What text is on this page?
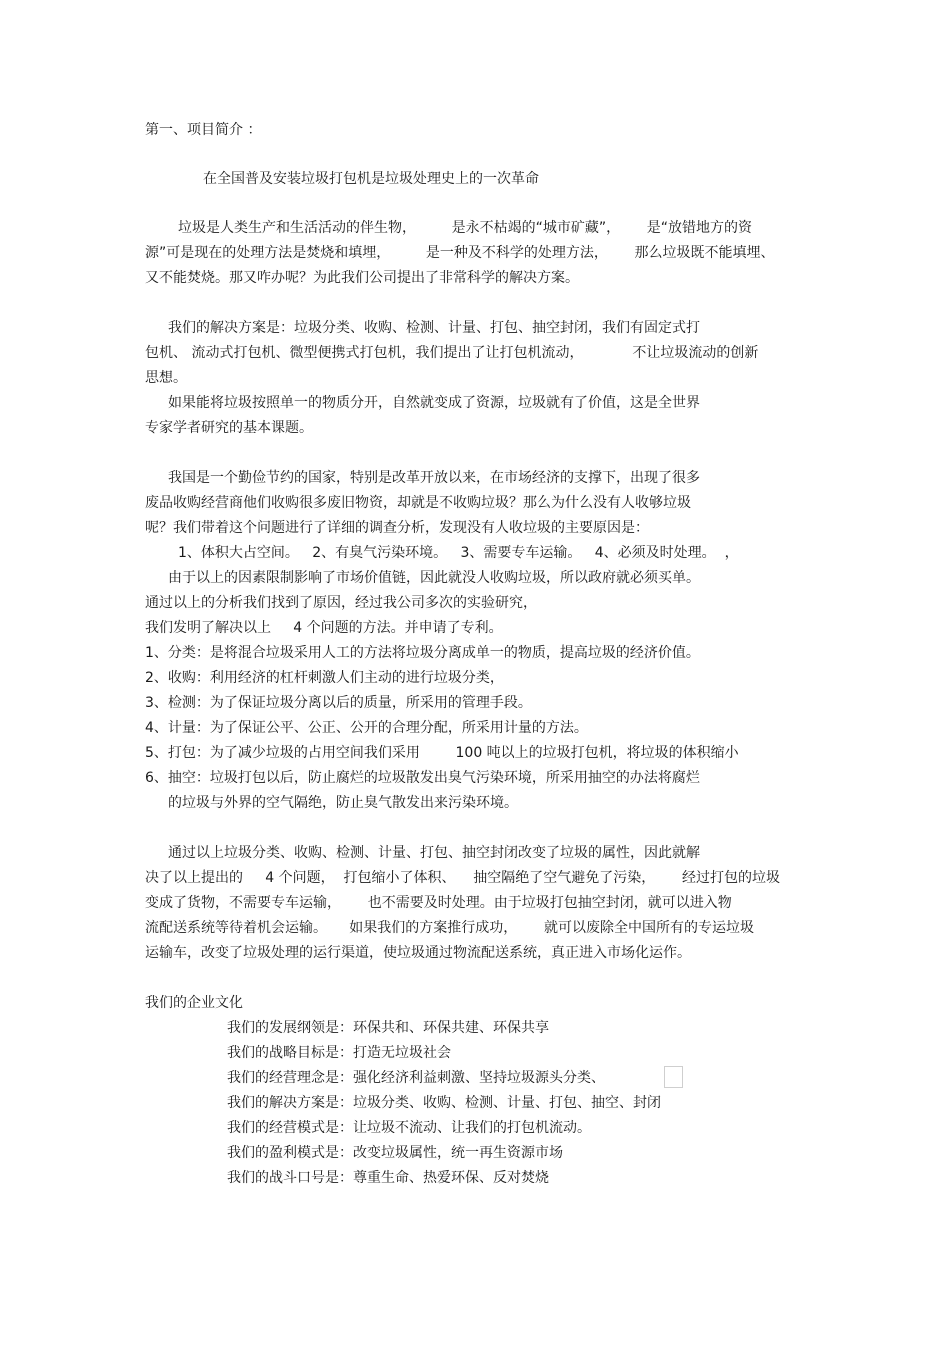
第一、项目简介 ：
在全国普及安装垃圾打包机是垃圾处理史上的一次革命
垃圾是人类生产和生活活动的伴生物，        是永不枯竭的“城市矿藏”，      是“放错地方的资
源”可是现在的处理方法是焚烧和填埋，        是一种及不科学的处理方法，      那么垃圾既不能填埋、
又不能焚烧。那又咋办呢？为此我们公司提出了非常科学的解决方案。
我们的解决方案是：垃圾分类、收购、检测、计量、打包、抽空封闭，我们有固定式打
包机、 流动式打包机、微型便携式打包机，我们提出了让打包机流动，           不让垃圾流动的创新
思想。
如果能将垃圾按照单一的物质分开，自然就变成了资源，垃圾就有了价值，这是全世界
专家学者研究的基本课题。
我国是一个勤俭节约的国家，特别是改革开放以来，在市场经济的支撑下，出现了很多
废品收购经营商他们收购很多废旧物资，却就是不收购垃圾？那么为什么没有人收够垃圾
呢？我们带着这个问题进行了详细的调查分析，发现没有人收垃圾的主要原因是：
1、体积大占空间。   2、有臭气污染环境。   3、需要专车运输。   4、必须及时处理。  ，
由于以上的因素限制影响了市场价值链，因此就没人收购垃圾，所以政府就必须买单。
通过以上的分析我们找到了原因，经过我公司多次的实验研究，
我们发明了解决以上     4 个问题的方法。并申请了专利。
1、分类：是将混合垃圾采用人工的方法将垃圾分离成单一的物质，提高垃圾的经济价值。
2、收购：利用经济的杠杆刺激人们主动的进行垃圾分类，
3、检测：为了保证垃圾分离以后的质量，所采用的管理手段。
4、计量：为了保证公平、公正、公开的合理分配，所采用计量的方法。
5、打包：为了减少垃圾的占用空间我们采用        100 吨以上的垃圾打包机，将垃圾的体积缩小
6、抽空：垃圾打包以后，防止腐烂的垃圾散发出臭气污染环境，所采用抽空的办法将腐烂
的垃圾与外界的空气隔绝，防止臭气散发出来污染环境。
通过以上垃圾分类、收购、检测、计量、打包、抽空封闭改变了垃圾的属性，因此就解
决了以上提出的     4 个问题，  打包缩小了体积、    抽空隔绝了空气避免了污染，      经过打包的垃圾
变成了货物，不需要专车运输，      也不需要及时处理。由于垃圾打包抽空封闭，就可以进入物
流配送系统等待着机会运输。     如果我们的方案推行成功，      就可以废除全中国所有的专运垃圾
运输车，改变了垃圾处理的运行渠道，使垃圾通过物流配送系统，真正进入市场化运作。
我们的企业文化
我们的发展纲领是：环保共和、环保共建、环保共享
我们的战略目标是：打造无垃圾社会
我们的经营理念是：强化经济利益刺激、坚持垃圾源头分类、
我们的解决方案是：垃圾分类、收购、检测、计量、打包、抽空、封闭
我们的经营模式是：让垃圾不流动、让我们的打包机流动。
我们的盈利模式是：改变垃圾属性，统一再生资源市场
我们的战斗口号是：尊重生命、热爱环保、反对焚烧
